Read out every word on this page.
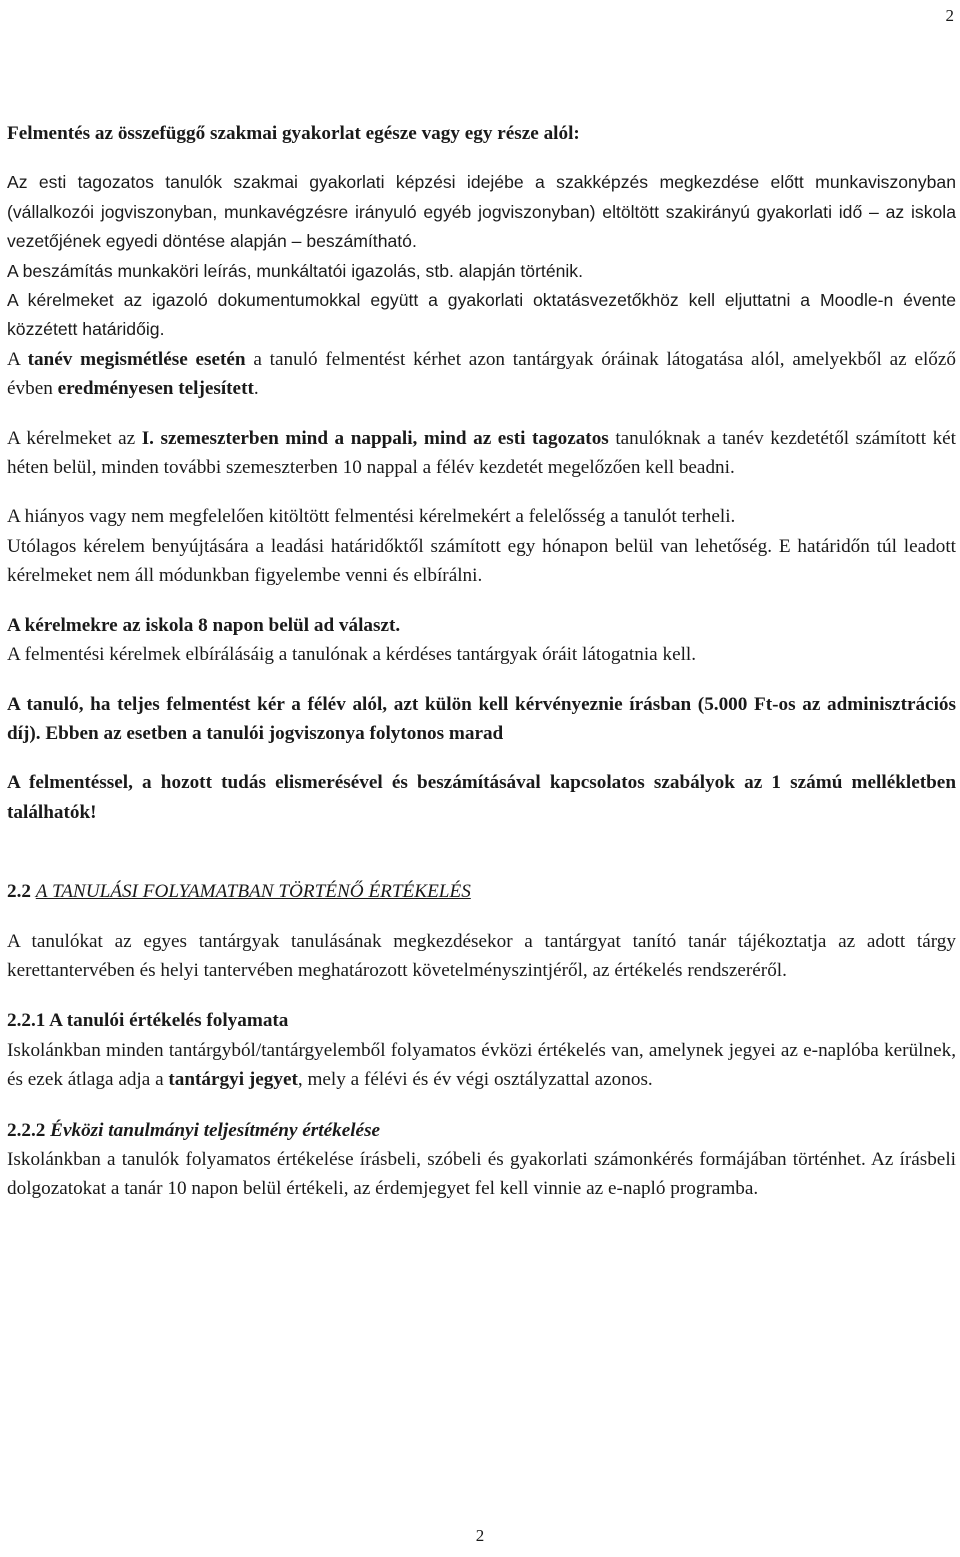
2

Felmentés az összefüggő szakmai gyakorlat egésze vagy egy része alól:

Az esti tagozatos tanulók szakmai gyakorlati képzési idejébe a szakképzés megkezdése előtt munkaviszonyban (vállalkozói jogviszonyban, munkavégzésre irányuló egyéb jogviszonyban) eltöltött szakirányú gyakorlati idő – az iskola vezetőjének egyedi döntése alapján – beszámítható.

A beszámítás munkaköri leírás, munkáltatói igazolás, stb. alapján történik.

A kérelmeket az igazoló dokumentumokkal együtt a gyakorlati oktatásvezetőkhöz kell eljuttatni a Moodle-n évente közzétett határidőig.

A tanév megismétlése esetén a tanuló felmentést kérhet azon tantárgyak óráinak látogatása alól, amelyekből az előző évben eredményesen teljesített.

A kérelmeket az I. szemeszterben mind a nappali, mind az esti tagozatos tanulóknak a tanév kezdetétől számított két héten belül, minden további szemeszterben 10 nappal a félév kezdetét megelőzően kell beadni.

A hiányos vagy nem megfelelően kitöltött felmentési kérelmekért a felelősség a tanulót terheli.

Utólagos kérelem benyújtására a leadási határidőktől számított egy hónapon belül van lehetőség. E határidőn túl leadott kérelmeket nem áll módunkban figyelembe venni és elbírálni.

A kérelmekre az iskola 8 napon belül ad választ.

A felmentési kérelmek elbírálásáig a tanulónak a kérdéses tantárgyak óráit látogatnia kell.

A tanuló, ha teljes felmentést kér a félév alól, azt külön kell kérvényeznie írásban (5.000 Ft-os az adminisztrációs díj). Ebben az esetben a tanulói jogviszonya folytonos marad

A felmentéssel, a hozott tudás elismerésével és beszámításával kapcsolatos szabályok az 1 számú mellékletben találhatók!

2.2 A TANULÁSI FOLYAMATBAN TÖRTÉNŐ ÉRTÉKELÉS

A tanulókat az egyes tantárgyak tanulásának megkezdésekor a tantárgyat tanító tanár tájékoztatja az adott tárgy kerettantervében és helyi tantervében meghatározott követelményszintjéről, az értékelés rendszeréről.

2.2.1 A tanulói értékelés folyamata

Iskolánkban minden tantárgyból/tantárgyelemből folyamatos évközi értékelés van, amelynek jegyei az e-naplóba kerülnek, és ezek átlaga adja a tantárgyi jegyet, mely a félévi és év végi osztályzattal azonos.

2.2.2 Évközi tanulmányi teljesítmény értékelése

Iskolánkban a tanulók folyamatos értékelése írásbeli, szóbeli és gyakorlati számonkérés formájában történhet. Az írásbeli dolgozatokat a tanár 10 napon belül értékeli, az érdemjegyet fel kell vinnie az e-napló programba.

2
